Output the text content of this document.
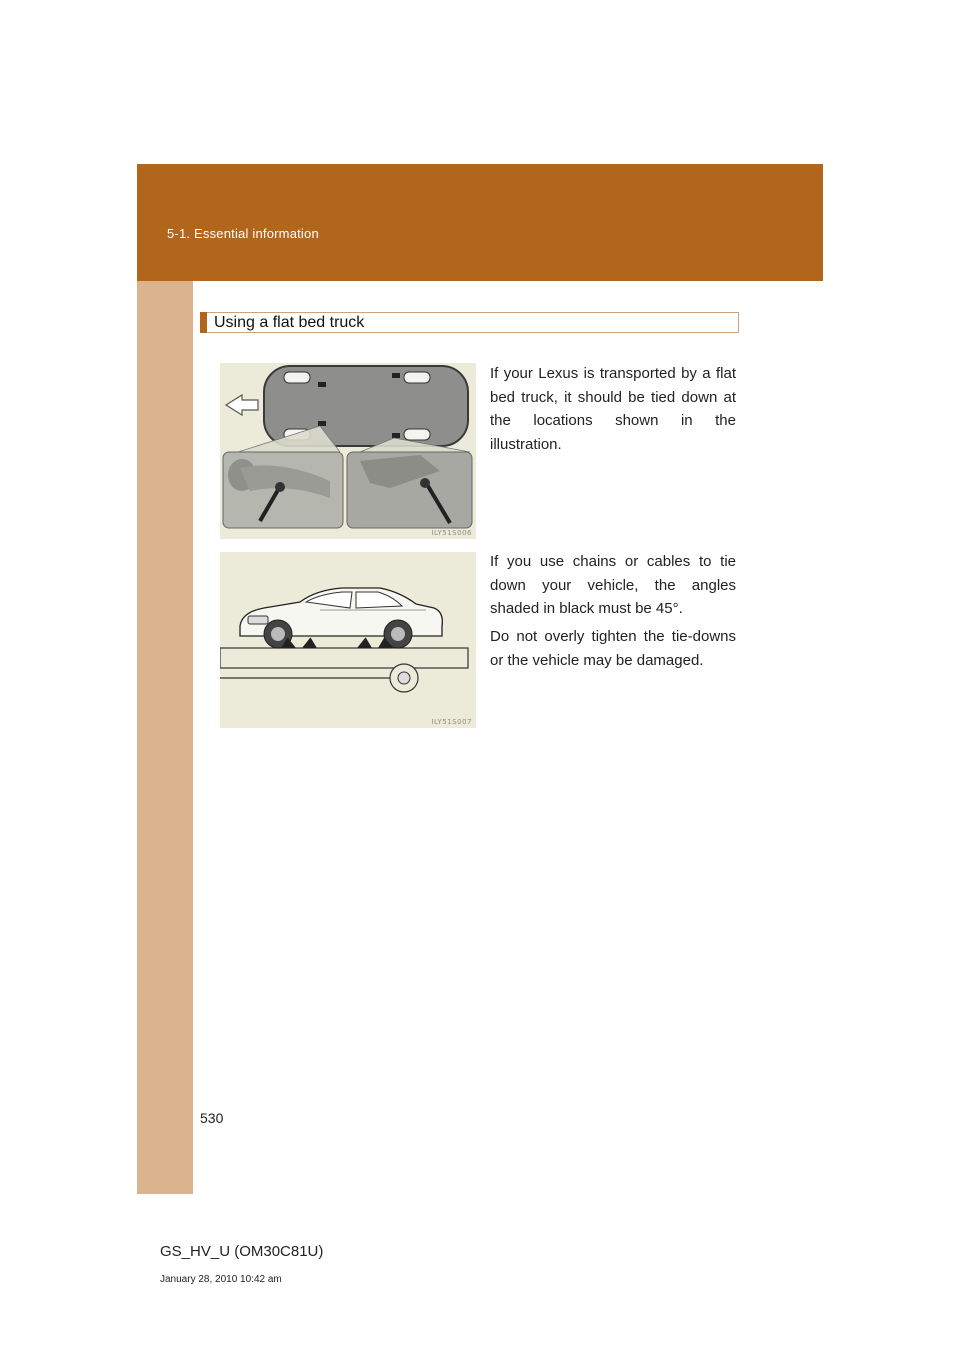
5-1. Essential information
Using a flat bed truck
ILY51S006
ILY51S007

If your Lexus is transported by a flat bed truck, it should be tied down at the locations shown in the illustration.

If you use chains or cables to tie down your vehicle, the angles shaded in black must be 45°.

Do not overly tighten the tie-downs or the vehicle may be damaged.

530
GS_HV_U (OM30C81U)
January 28, 2010 10:42 am
